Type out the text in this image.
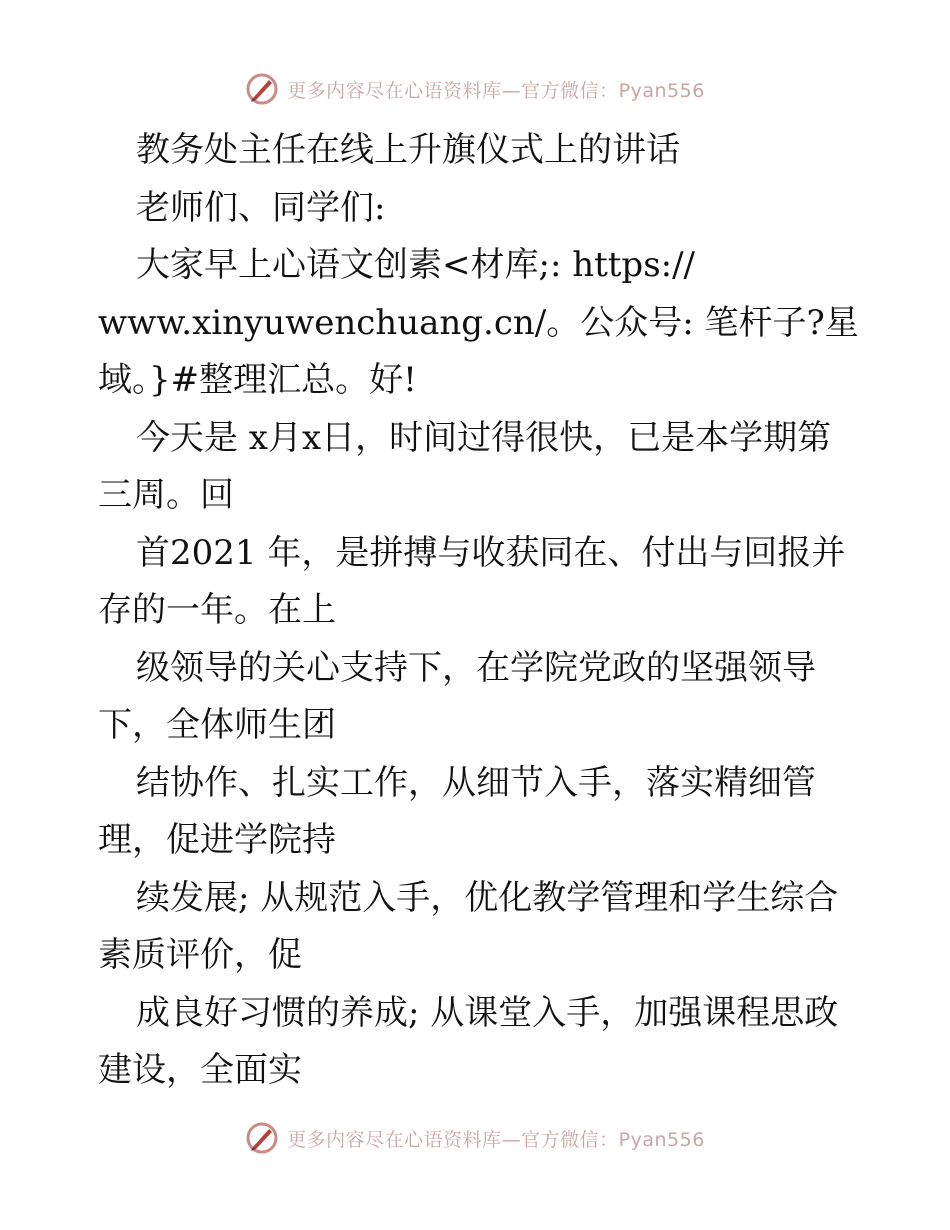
更多内容尽在心语资料库—官方微信：Pyan556
教务处主任在线上升旗仪式上的讲话
老师们、同学们:
大家早上心语文创素<材库;: https://
www.xinyuwenchuang.cn/。公众号: 笔杆子?星
域。}#整理汇总。好!
今天是 x月x日，时间过得很快，已是本学期第
三周。回
首2021 年，是拼搏与收获同在、付出与回报并
存的一年。在上
级领导的关心支持下，在学院党政的坚强领导
下，全体师生团
结协作、扎实工作，从细节入手，落实精细管
理，促进学院持
续发展; 从规范入手，优化教学管理和学生综合
素质评价，促
成良好习惯的养成; 从课堂入手，加强课程思政
建设，全面实
更多内容尽在心语资料库—官方微信：Pyan556
